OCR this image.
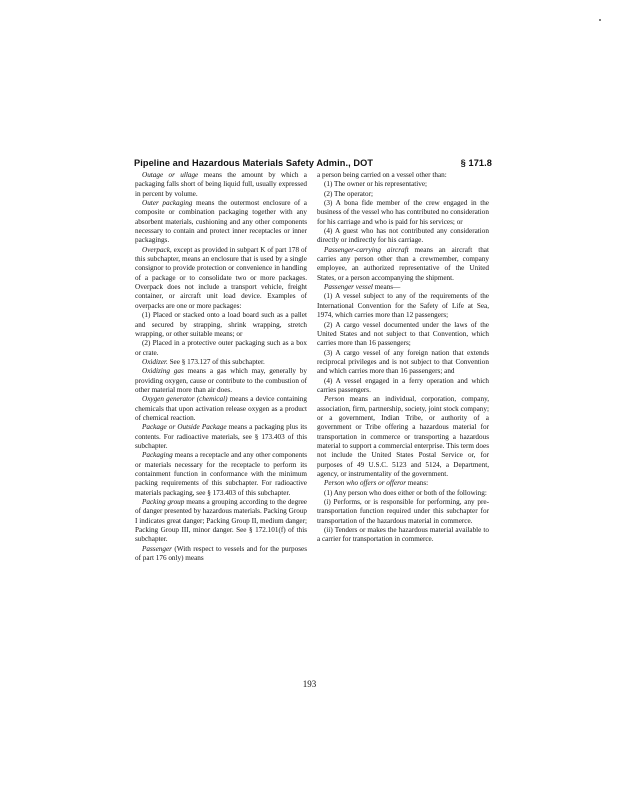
Pipeline and Hazardous Materials Safety Admin., DOT	§ 171.8

Outage or ullage means the amount by which a packaging falls short of being liquid full, usually expressed in percent by volume.

Outer packaging means the outermost enclosure of a composite or combination packaging together with any absorbent materials, cushioning and any other components necessary to contain and protect inner receptacles or inner packagings.

Overpack, except as provided in subpart K of part 178 of this subchapter, means an enclosure that is used by a single consignor to provide protection or convenience in handling of a package or to consolidate two or more packages. Overpack does not include a transport vehicle, freight container, or aircraft unit load device. Examples of overpacks are one or more packages:

(1) Placed or stacked onto a load board such as a pallet and secured by strapping, shrink wrapping, stretch wrapping, or other suitable means; or

(2) Placed in a protective outer packaging such as a box or crate.

Oxidizer. See § 173.127 of this subchapter.

Oxidizing gas means a gas which may, generally by providing oxygen, cause or contribute to the combustion of other material more than air does.

Oxygen generator (chemical) means a device containing chemicals that upon activation release oxygen as a product of chemical reaction.

Package or Outside Package means a packaging plus its contents. For radioactive materials, see § 173.403 of this subchapter.

Packaging means a receptacle and any other components or materials necessary for the receptacle to perform its containment function in conformance with the minimum packing requirements of this subchapter. For radioactive materials packaging, see § 173.403 of this subchapter.

Packing group means a grouping according to the degree of danger presented by hazardous materials. Packing Group I indicates great danger; Packing Group II, medium danger; Packing Group III, minor danger. See § 172.101(f) of this subchapter.

Passenger (With respect to vessels and for the purposes of part 176 only) means

a person being carried on a vessel other than:

(1) The owner or his representative;

(2) The operator;

(3) A bona fide member of the crew engaged in the business of the vessel who has contributed no consideration for his carriage and who is paid for his services; or

(4) A guest who has not contributed any consideration directly or indirectly for his carriage.

Passenger-carrying aircraft means an aircraft that carries any person other than a crewmember, company employee, an authorized representative of the United States, or a person accompanying the shipment.

Passenger vessel means—

(1) A vessel subject to any of the requirements of the International Convention for the Safety of Life at Sea, 1974, which carries more than 12 passengers;

(2) A cargo vessel documented under the laws of the United States and not subject to that Convention, which carries more than 16 passengers;

(3) A cargo vessel of any foreign nation that extends reciprocal privileges and is not subject to that Convention and which carries more than 16 passengers; and

(4) A vessel engaged in a ferry operation and which carries passengers.

Person means an individual, corporation, company, association, firm, partnership, society, joint stock company; or a government, Indian Tribe, or authority of a government or Tribe offering a hazardous material for transportation in commerce or transporting a hazardous material to support a commercial enterprise. This term does not include the United States Postal Service or, for purposes of 49 U.S.C. 5123 and 5124, a Department, agency, or instrumentality of the government.

Person who offers or offeror means:

(1) Any person who does either or both of the following:

(i) Performs, or is responsible for performing, any pre-transportation function required under this subchapter for transportation of the hazardous material in commerce.

(ii) Tenders or makes the hazardous material available to a carrier for transportation in commerce.

193
